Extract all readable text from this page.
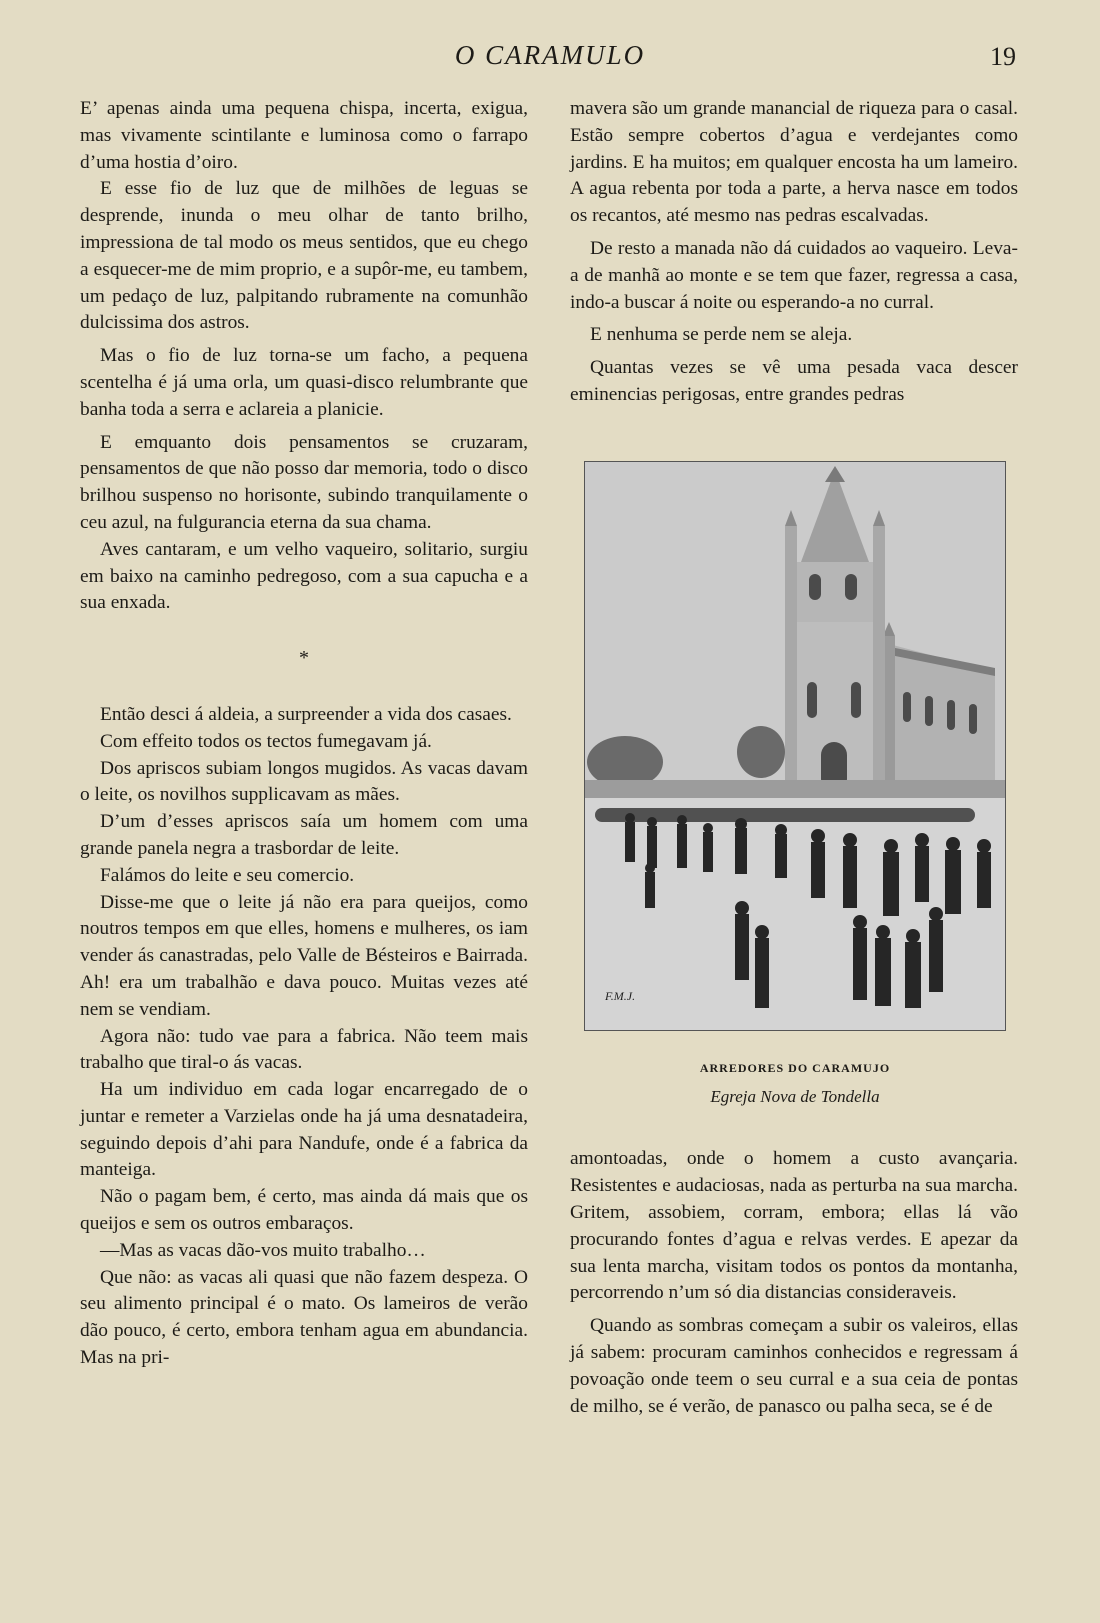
O CARAMULO	19

E’ apenas ainda uma pequena chispa, incerta, exigua, mas vivamente scintilante e luminosa como o farrapo d’uma hostia d’oiro.

E esse fio de luz que de milhões de leguas se desprende, inunda o meu olhar de tanto brilho, impressiona de tal modo os meus sentidos, que eu chego a esquecer-me de mim proprio, e a supôr-me, eu tambem, um pedaço de luz, palpitando rubramente na comunhão dulcissima dos astros.

Mas o fio de luz torna-se um facho, a pequena scentelha é já uma orla, um quasi-disco relumbrante que banha toda a serra e aclareia a planicie.

E emquanto dois pensamentos se cruzaram, pensamentos de que não posso dar memoria, todo o disco brilhou suspenso no horisonte, subindo tranquilamente o ceu azul, na fulgurancia eterna da sua chama.

Aves cantaram, e um velho vaqueiro, solitario, surgiu em baixo na caminho pedregoso, com a sua capucha e a sua enxada.

*

Então desci á aldeia, a surpreender a vida dos casaes.

Com effeito todos os tectos fumegavam já.

Dos apriscos subiam longos mugidos. As vacas davam o leite, os novilhos supplicavam as mães.

D’um d’esses apriscos saía um homem com uma grande panela negra a trasbordar de leite.

Falámos do leite e seu comercio.

Disse-me que o leite já não era para queijos, como noutros tempos em que elles, homens e mulheres, os iam vender ás canastradas, pelo Valle de Bésteiros e Bairrada. Ah! era um trabalhão e dava pouco. Muitas vezes até nem se vendiam.

Agora não: tudo vae para a fabrica. Não teem mais trabalho que tiral-o ás vacas.

Ha um individuo em cada logar encarregado de o juntar e remeter a Varzielas onde ha já uma desnatadeira, seguindo depois d’ahi para Nandufe, onde é a fabrica da manteiga.

Não o pagam bem, é certo, mas ainda dá mais que os queijos e sem os outros embaraços.

—Mas as vacas dão-vos muito trabalho…

Que não: as vacas ali quasi que não fazem despeza. O seu alimento principal é o mato. Os lameiros de verão dão pouco, é certo, embora tenham agua em abundancia. Mas na pri-

mavera são um grande manancial de riqueza para o casal. Estão sempre cobertos d’agua e verdejantes como jardins. E ha muitos; em qualquer encosta ha um lameiro. A agua rebenta por toda a parte, a herva nasce em todos os recantos, até mesmo nas pedras escalvadas.

De resto a manada não dá cuidados ao vaqueiro. Leva-a de manhã ao monte e se tem que fazer, regressa a casa, indo-a buscar á noite ou esperando-a no curral.

E nenhuma se perde nem se aleja.

Quantas vezes se vê uma pesada vaca descer eminencias perigosas, entre grandes pedras

F.M.J.
ARREDORES DO CARAMUJO
Egreja Nova de Tondella

amontoadas, onde o homem a custo avançaria. Resistentes e audaciosas, nada as perturba na sua marcha. Gritem, assobiem, corram, embora; ellas lá vão procurando fontes d’agua e relvas verdes. E apezar da sua lenta marcha, visitam todos os pontos da montanha, percorrendo n’um só dia distancias consideraveis.

Quando as sombras começam a subir os valeiros, ellas já sabem: procuram caminhos conhecidos e regressam á povoação onde teem o seu curral e a sua ceia de pontas de milho, se é verão, de panasco ou palha seca, se é de
